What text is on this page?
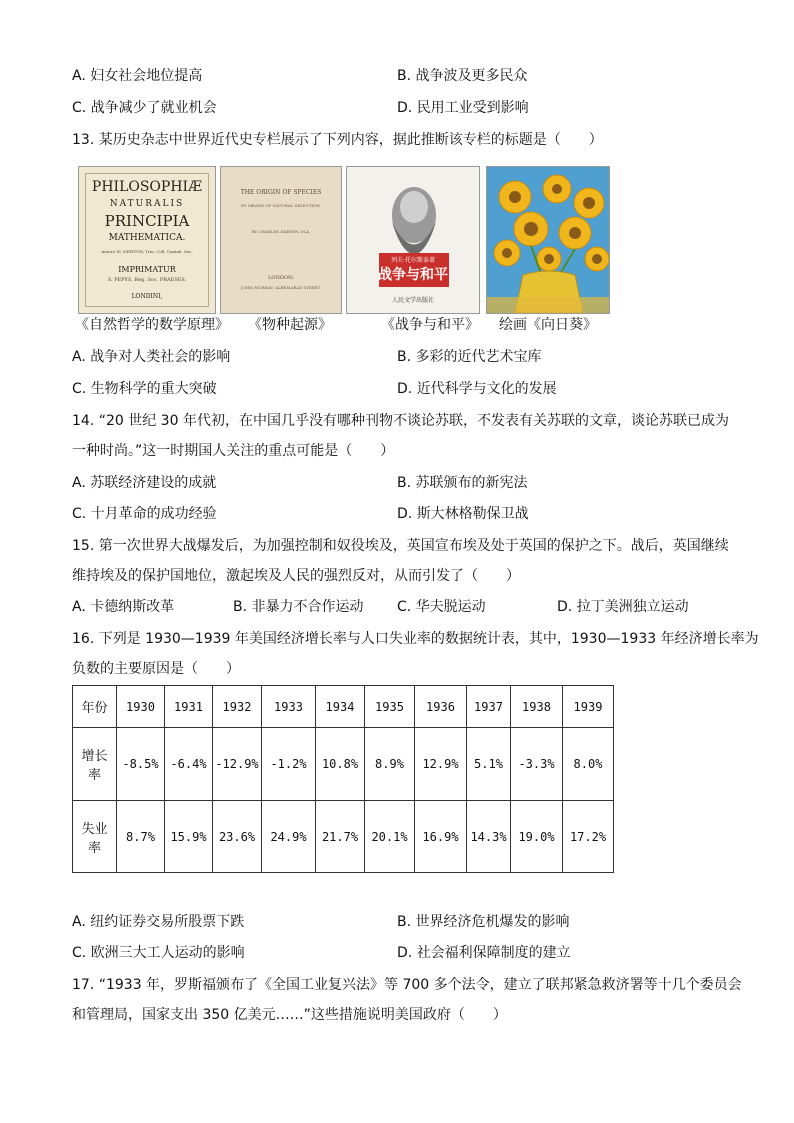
A. 妇女社会地位提高	B. 战争波及更多民众
C. 战争减少了就业机会	D. 民用工业受到影响
13. 某历史杂志中世界近代史专栏展示了下列内容，据此推断该专栏的标题是（　　）
PHILOSOPHIÆ
NATURALIS
PRINCIPIA
MATHEMATICA.
Autore IS. NEWTON, Trin. Coll. Cantab. Soc.
IMPRIMATUR
S. PEPYS, Reg. Soc. PRAESES.
LONDINI,
THE ORIGIN OF SPECIES
BY MEANS OF NATURAL SELECTION,
BY CHARLES DARWIN, M.A.
LONDON:
JOHN MURRAY, ALBEMARLE STREET.
列夫·托尔斯泰著
战争与和平
人民文学出版社
《自然哲学的数学原理》 《物种起源》	《战争与和平》 绘画《向日葵》
A. 战争对人类社会的影响	B. 多彩的近代艺术宝库
C. 生物科学的重大突破	D. 近代科学与文化的发展
14. “20 世纪 30 年代初，在中国几乎没有哪种刊物不谈论苏联，不发表有关苏联的文章，谈论苏联已成为
一种时尚。”这一时期国人关注的重点可能是（　　）
A. 苏联经济建设的成就	B. 苏联颁布的新宪法
C. 十月革命的成功经验	D. 斯大林格勒保卫战
15. 第一次世界大战爆发后，为加强控制和奴役埃及，英国宣布埃及处于英国的保护之下。战后，英国继续
维持埃及的保护国地位，激起埃及人民的强烈反对，从而引发了（　　）
A. 卡德纳斯改革	B. 非暴力不合作运动 C. 华夫脱运动	D. 拉丁美洲独立运动
16. 下列是 1930—1939 年美国经济增长率与人口失业率的数据统计表，其中，1930—1933 年经济增长率为
负数的主要原因是（　　）
年份	1930	1931	1932	1933	1934	1935	1936	1937	1938	1939
增长
率	-8.5%	-6.4%	-12.9%	-1.2%	10.8%	8.9%	12.9%	5.1%	-3.3%	8.0%
失业
率	8.7%	15.9%	23.6%	24.9%	21.7%	20.1%	16.9%	14.3%	19.0%	17.2%
A. 纽约证券交易所股票下跌	B. 世界经济危机爆发的影响
C. 欧洲三大工人运动的影响	D. 社会福利保障制度的建立
17. “1933 年，罗斯福颁布了《全国工业复兴法》等 700 多个法令，建立了联邦紧急救济署等十几个委员会
和管理局，国家支出 350 亿美元……”这些措施说明美国政府（　　）
